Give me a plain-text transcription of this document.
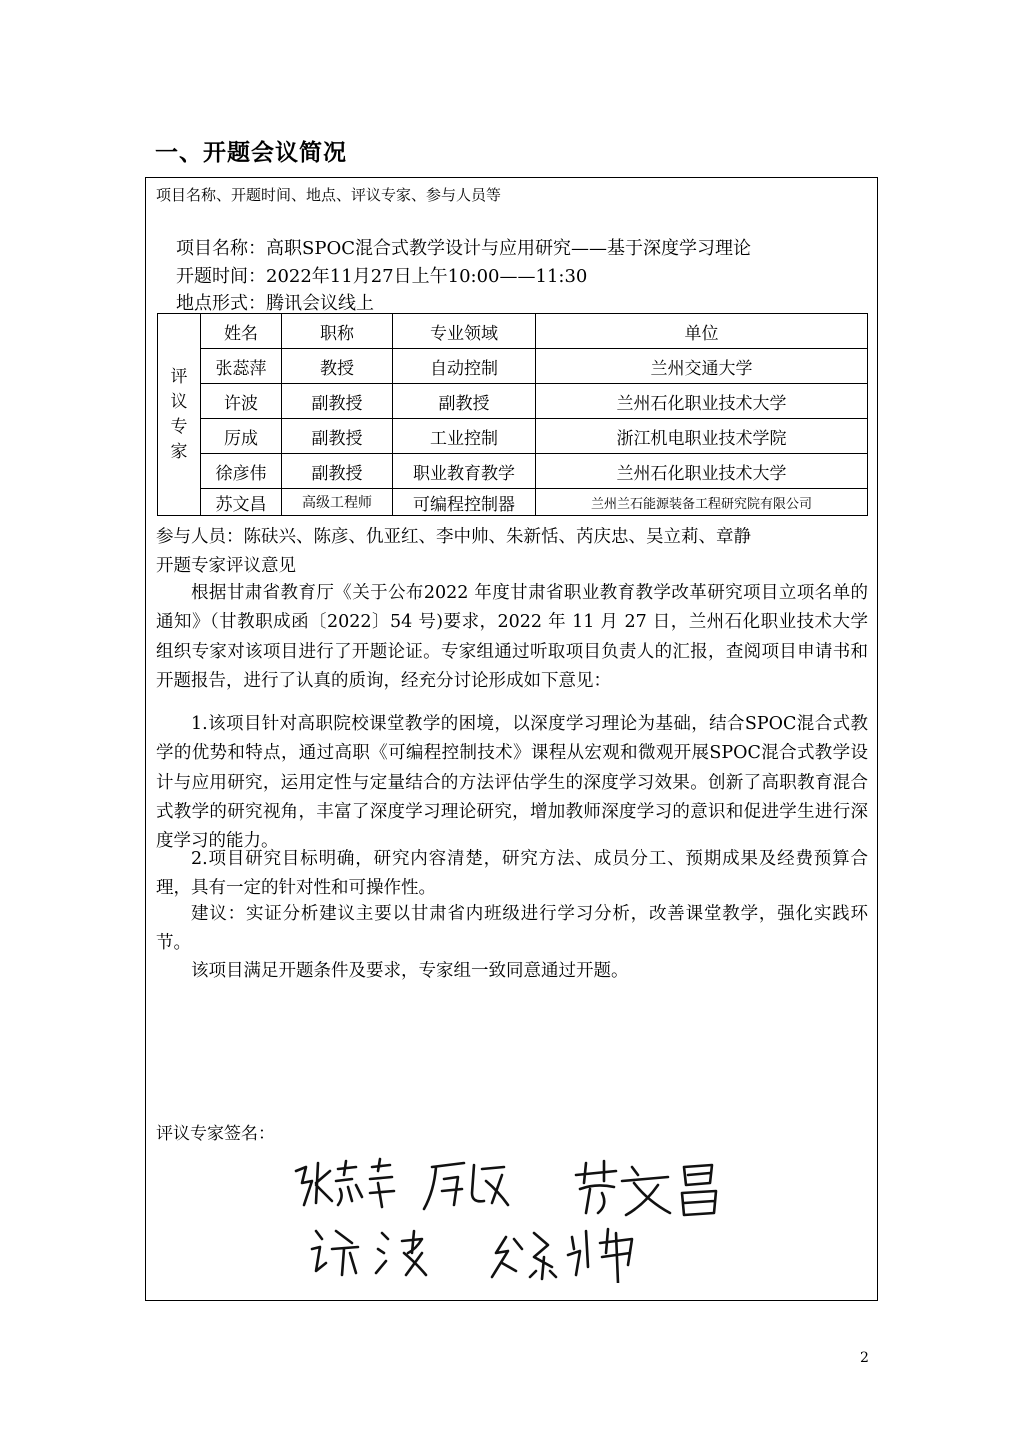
一、开题会议简况
项目名称、开题时间、地点、评议专家、参与人员等
项目名称：高职SPOC混合式教学设计与应用研究——基于深度学习理论
开题时间：2022年11月27日上午10:00——11:30
地点形式：腾讯会议线上
评
议
专
家	姓名	职称	专业领域	单位
	张蕊萍	教授	自动控制	兰州交通大学
	许波	副教授	副教授	兰州石化职业技术大学
	厉成	副教授	工业控制	浙江机电职业技术学院
	徐彦伟	副教授	职业教育教学	兰州石化职业技术大学
	苏文昌	高级工程师	可编程控制器	兰州兰石能源装备工程研究院有限公司
参与人员：陈砆兴、陈彦、仇亚红、李中帅、朱新恬、芮庆忠、吴立莉、章静
开题专家评议意见
根据甘肃省教育厅《关于公布2022 年度甘肃省职业教育教学改革研究项目立项名单的通知》（甘教职成函〔2022〕54 号)要求，2022 年 11 月 27 日，兰州石化职业技术大学组织专家对该项目进行了开题论证。专家组通过听取项目负责人的汇报，查阅项目申请书和开题报告，进行了认真的质询，经充分讨论形成如下意见：
1.该项目针对高职院校课堂教学的困境，以深度学习理论为基础，结合SPOC混合式教学的优势和特点，通过高职《可编程控制技术》课程从宏观和微观开展SPOC混合式教学设计与应用研究，运用定性与定量结合的方法评估学生的深度学习效果。创新了高职教育混合式教学的研究视角，丰富了深度学习理论研究，增加教师深度学习的意识和促进学生进行深度学习的能力。
2.项目研究目标明确，研究内容清楚，研究方法、成员分工、预期成果及经费预算合理，具有一定的针对性和可操作性。
建议：实证分析建议主要以甘肃省内班级进行学习分析，改善课堂教学，强化实践环节。
该项目满足开题条件及要求，专家组一致同意通过开题。
评议专家签名：
2
